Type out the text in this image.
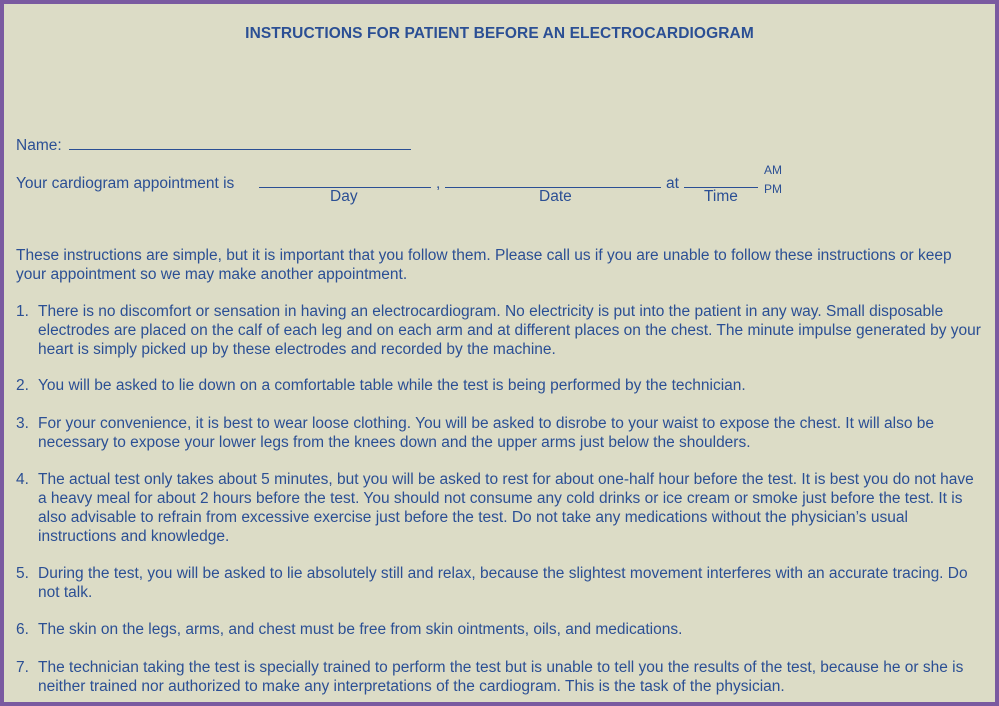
INSTRUCTIONS FOR PATIENT BEFORE AN ELECTROCARDIOGRAM
Name:
Your cardiogram appointment is	,	at
AM
PM
Day	Date	Time
These instructions are simple, but it is important that you follow them. Please call us if you are unable to follow these instructions or keep your appointment so we may make another appointment.
1. There is no discomfort or sensation in having an electrocardiogram. No electricity is put into the patient in any way. Small disposable electrodes are placed on the calf of each leg and on each arm and at different places on the chest. The minute impulse generated by your heart is simply picked up by these electrodes and recorded by the machine.
2. You will be asked to lie down on a comfortable table while the test is being performed by the technician.
3. For your convenience, it is best to wear loose clothing. You will be asked to disrobe to your waist to expose the chest. It will also be necessary to expose your lower legs from the knees down and the upper arms just below the shoulders.
4. The actual test only takes about 5 minutes, but you will be asked to rest for about one-half hour before the test. It is best you do not have a heavy meal for about 2 hours before the test. You should not consume any cold drinks or ice cream or smoke just before the test. It is also advisable to refrain from excessive exercise just before the test. Do not take any medications without the physician’s usual instructions and knowledge.
5. During the test, you will be asked to lie absolutely still and relax, because the slightest movement interferes with an accurate tracing. Do not talk.
6. The skin on the legs, arms, and chest must be free from skin ointments, oils, and medications.
7. The technician taking the test is specially trained to perform the test but is unable to tell you the results of the test, because he or she is neither trained nor authorized to make any interpretations of the cardiogram. This is the task of the physician.
